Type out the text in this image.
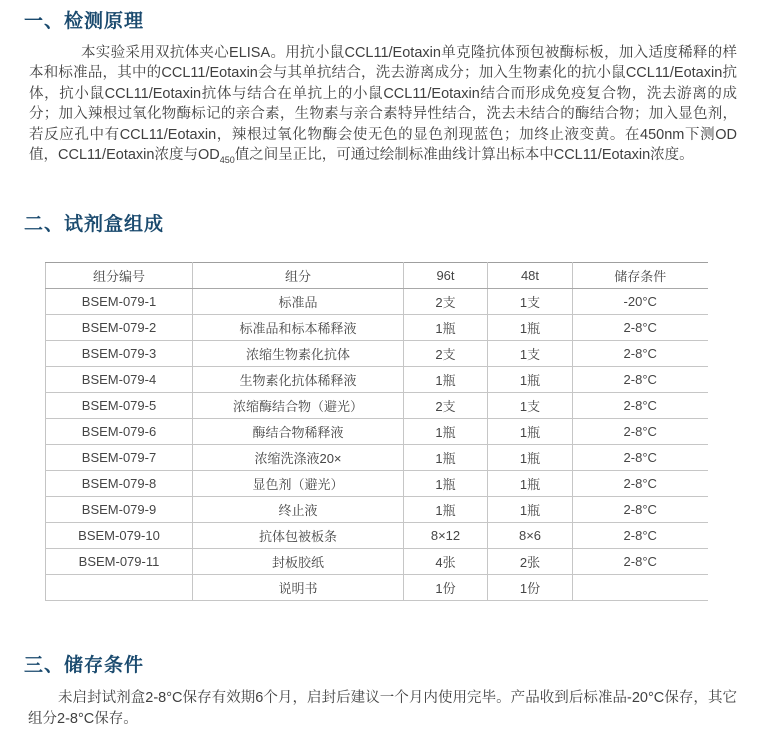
一、检测原理

本实验采用双抗体夹心ELISA。用抗小鼠CCL11/Eotaxin单克隆抗体预包被酶标板，加入适度稀释的样本和标准品，其中的CCL11/Eotaxin会与其单抗结合，洗去游离成分；加入生物素化的抗小鼠CCL11/Eotaxin抗体，抗小鼠CCL11/Eotaxin抗体与结合在单抗上的小鼠CCL11/Eotaxin结合而形成免疫复合物，洗去游离的成分；加入辣根过氧化物酶标记的亲合素，生物素与亲合素特异性结合，洗去未结合的酶结合物；加入显色剂，若反应孔中有CCL11/Eotaxin，辣根过氧化物酶会使无色的显色剂现蓝色；加终止液变黄。在450nm下测OD值，CCL11/Eotaxin浓度与$OD_{450}$值之间呈正比，可通过绘制标准曲线计算出标本中CCL11/Eotaxin浓度。

二、试剂盒组成
组分编号	组分	96t	48t	储存条件
BSEM-079-1	标准品	2支	1支	-20°C
BSEM-079-2	标准品和标本稀释液	1瓶	1瓶	2-8°C
BSEM-079-3	浓缩生物素化抗体	2支	1支	2-8°C
BSEM-079-4	生物素化抗体稀释液	1瓶	1瓶	2-8°C
BSEM-079-5	浓缩酶结合物（避光）	2支	1支	2-8°C
BSEM-079-6	酶结合物稀释液	1瓶	1瓶	2-8°C
BSEM-079-7	浓缩洗涤液20×	1瓶	1瓶	2-8°C
BSEM-079-8	显色剂（避光）	1瓶	1瓶	2-8°C
BSEM-079-9	终止液	1瓶	1瓶	2-8°C
BSEM-079-10	抗体包被板条	8×12	8×6	2-8°C
BSEM-079-11	封板胶纸	4张	2张	2-8°C
	说明书	1份	1份	
三、储存条件

未启封试剂盒2-8°C保存有效期6个月，启封后建议一个月内使用完毕。产品收到后标准品-20°C保存，其它组分2-8°C保存。
